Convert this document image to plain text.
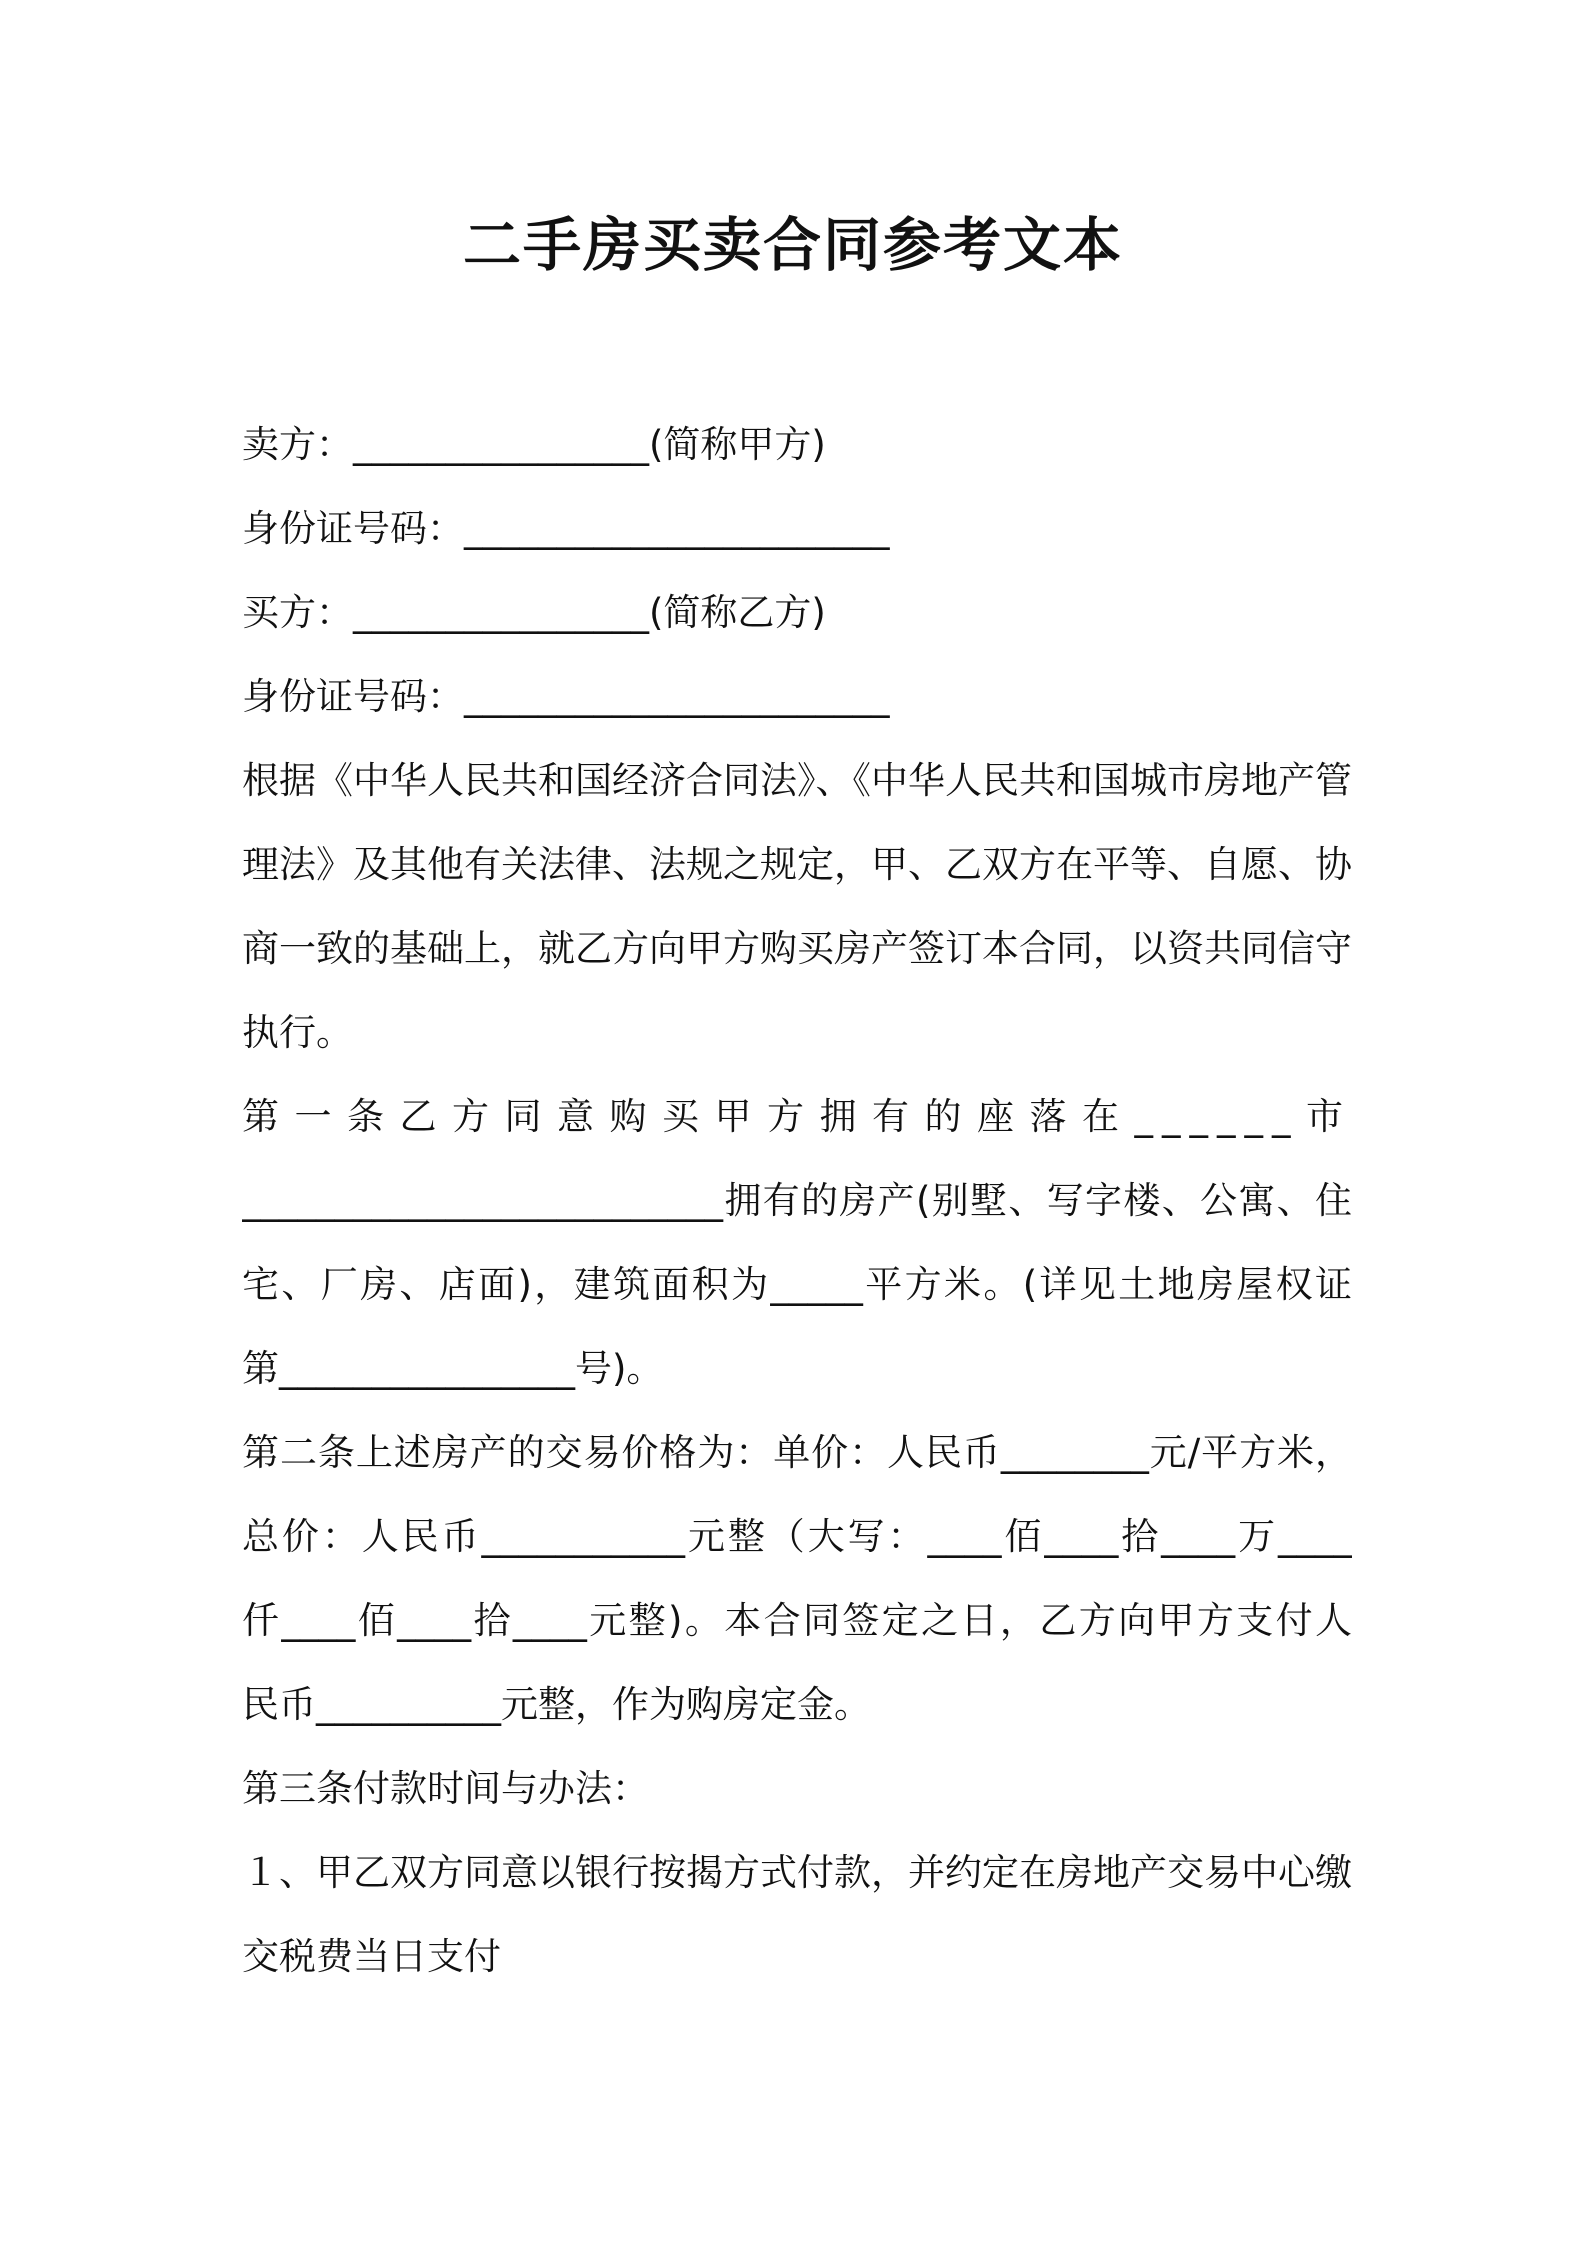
二手房买卖合同参考文本
卖方：________________(简称甲方)
身份证号码：_______________________
买方：________________(简称乙方)
身份证号码：_______________________
根据《中华人民共和国经济合同法》、《中华人民共和国城市房地产管
理法》及其他有关法律、法规之规定，甲、乙双方在平等、自愿、协
商一致的基础上，就乙方向甲方购买房产签订本合同，以资共同信守
执行。
第一条乙方同意购买甲方拥有的座落在______市
__________________________拥有的房产(别墅、写字楼、公寓、住
宅、厂房、店面)，建筑面积为_____平方米。(详见土地房屋权证
第________________号)。
第二条上述房产的交易价格为：单价：人民币________元/平方米，
总价：人民币___________元整（大写：____佰____拾____万____
仟____佰____拾____元整)。本合同签定之日，乙方向甲方支付人
民币__________元整，作为购房定金。
第三条付款时间与办法：
１、甲乙双方同意以银行按揭方式付款，并约定在房地产交易中心缴
交税费当日支付
